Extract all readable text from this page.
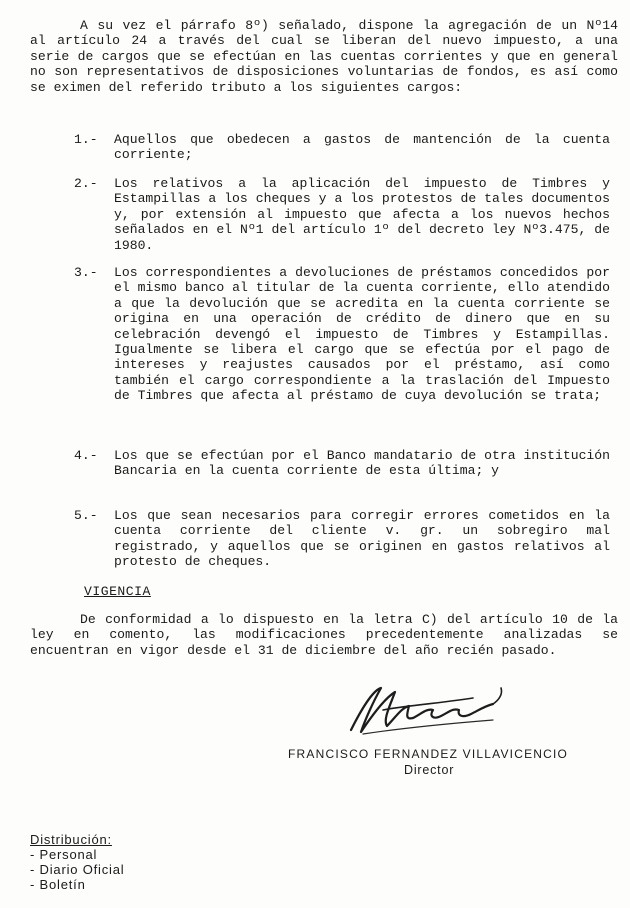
A su vez el párrafo 8º) señalado, dispone la agregación de un Nº14 al artículo 24 a través del cual se liberan del nuevo impuesto, a una serie de cargos que se efectúan en las cuentas corrientes y que en general no son representativos de disposiciones voluntarias de fondos, es así como se eximen del referido tributo a los siguientes cargos:

1.-	Aquellos que obedecen a gastos de mantención de la cuenta corriente;

2.-	Los relativos a la aplicación del impuesto de Timbres y Estampillas a los cheques y a los protestos de tales documentos y, por extensión al impuesto que afecta a los nuevos hechos señalados en el Nº1 del artículo 1º del decreto ley Nº3.475, de 1980.

3.-	Los correspondientes a devoluciones de préstamos concedidos por el mismo banco al titular de la cuenta corriente, ello atendido a que la devolución que se acredita en la cuenta corriente se origina en una operación de crédito de dinero que en su celebración devengó el impuesto de Timbres y Estampillas. Igualmente se libera el cargo que se efectúa por el pago de intereses y reajustes causados por el préstamo, así como también el cargo correspondiente a la traslación del Impuesto de Timbres que afecta al préstamo de cuya devolución se trata;

4.-	Los que se efectúan por el Banco mandatario de otra institución Bancaria en la cuenta corriente de esta última; y

5.-	Los que sean necesarios para corregir errores cometidos en la cuenta corriente del cliente v. gr. un sobregiro mal registrado, y aquellos que se originen en gastos relativos al protesto de cheques.

VIGENCIA

De conformidad a lo dispuesto en la letra C) del artículo 10 de la ley en comento, las modificaciones precedentemente analizadas se encuentran en vigor desde el 31 de diciembre del año recién pasado.

FRANCISCO FERNANDEZ VILLAVICENCIO
Director
Distribución:
- Personal
- Diario Oficial
- Boletín
